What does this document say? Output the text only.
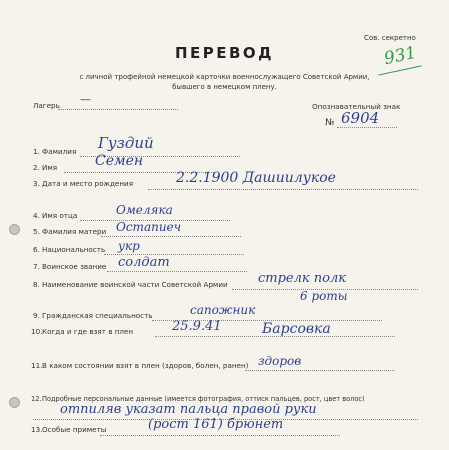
Сов. секретно
931
ПЕРЕВОД
с личной трофейной немецкой карточки военнослужащего Советской Армии,
бывшего в немецком плену.
Лагерь —
Опознавательный знак
№ 6904
1. Фамилия Гуздий
2. Имя	Семен
3. Дата и место рождения	2.2.1900 Дашиилукое
4. Имя отца	Омеляка
5. Фамилия матери Остапиеч
6. Национальность укр
7. Воинское звание солдат
8. Наименование воинской части Советской Армии стрелк полк
6 роты
9. Гражданская специальность	сапожник
10. Когда и где взят в плен	25.9.41	Барсовка
11. В каком состоянии взят в плен (здоров, болен, ранен) здоров
12. Подробные персональные данные (имеется фотография, оттиск пальцев, рост, цвет волос)
отпиляв указат пальца правой руки
13. Особые приметы	(рост 161) брюнет
